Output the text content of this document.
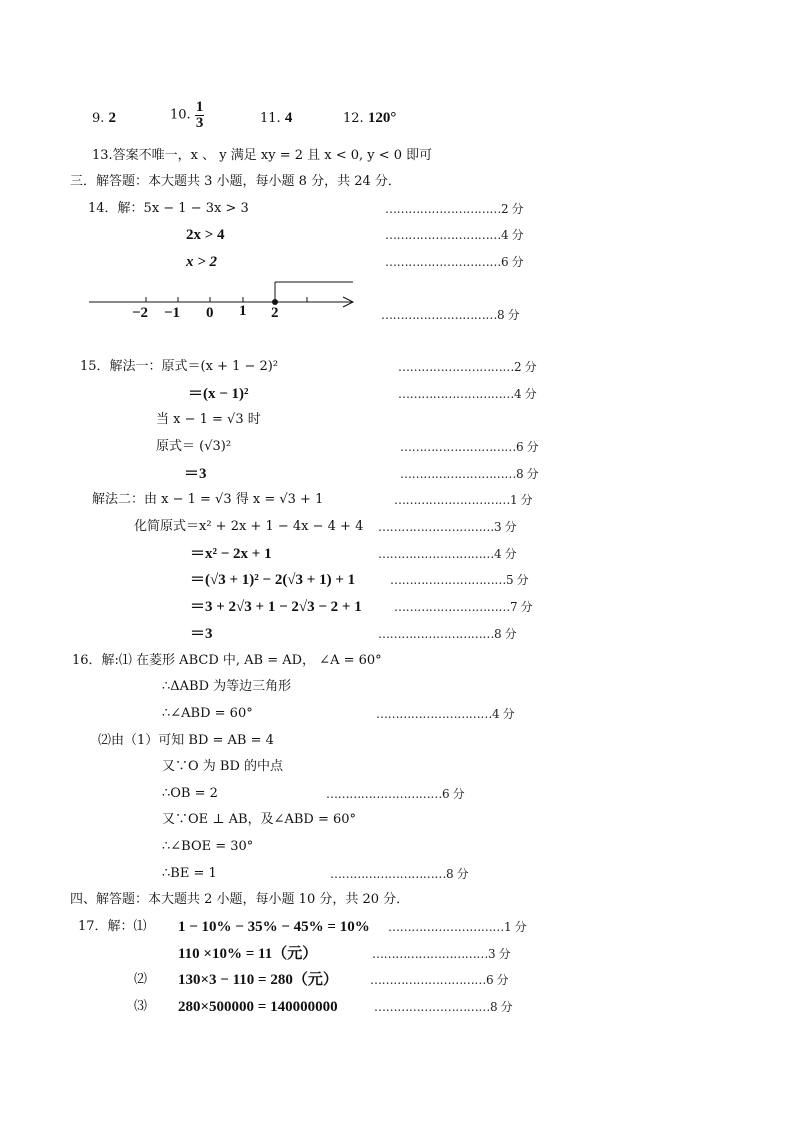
9. 2	10. $\frac{1}{3}$	11. 4	12. 120°
13.答案不唯一，x 、 y 满足 xy = 2 且 x < 0, y < 0 即可
三．解答题：本大题共 3 小题，每小题 8 分，共 24 分．
14．解：5x − 1 − 3x > 3	…………………………2 分
2x > 4	…………………………4 分
x > 2	…………………………6 分
−2 −1 0 1 2	…………………………8 分
15．解法一：原式＝(x + 1 − 2)²	…………………………2 分
＝(x − 1)²	…………………………4 分
当 x − 1 = √3 时
原式＝ (√3)²	…………………………6 分
＝3	…………………………8 分
解法二：由 x − 1 = √3 得 x = √3 + 1	…………………………1 分
化简原式＝x² + 2x + 1 − 4x − 4 + 4 …………………………3 分
＝x² − 2x + 1	…………………………4 分
＝(√3 + 1)² − 2(√3 + 1) + 1	…………………………5 分
＝3 + 2√3 + 1 − 2√3 − 2 + 1	…………………………7 分
＝3	…………………………8 分
16．解:⑴ 在菱形 ABCD 中, AB = AD， ∠A = 60°
∴ΔABD 为等边三角形
∴∠ABD = 60°	…………………………4 分
⑵由（1）可知 BD = AB = 4
又∵O 为 BD 的中点
∴OB = 2	…………………………6 分
又∵OE ⊥ AB，及∠ABD = 60°
∴∠BOE = 30°
∴BE = 1	…………………………8 分
四、解答题：本大题共 2 小题，每小题 10 分，共 20 分．
17．解：⑴ 1 − 10% − 35% − 45% = 10% …………………………1 分
110 ×10% = 11（元）	…………………………3 分
⑵ 130×3 − 110 = 280（元）	…………………………6 分
⑶ 280×500000 = 140000000	…………………………8 分
